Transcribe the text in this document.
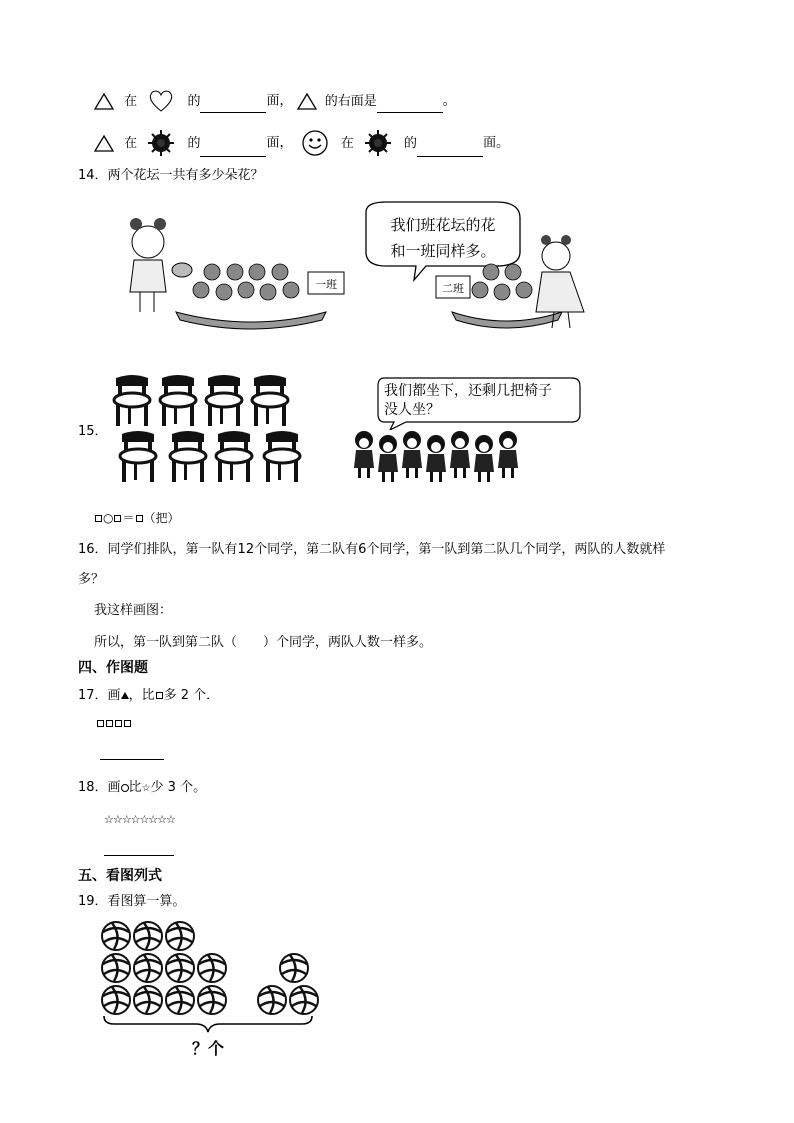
在	的	面， 的右面是	。
在	的	面，	在	的	面。
14．两个花坛一共有多少朵花？
一班
我们班花坛的花
和一班同样多。
二班
15．
我们都坐下，还剩几把椅子
没人坐？
○ ＝ （把）
16．同学们排队，第一队有12个同学，第二队有6个同学，第一队到第二队几个同学，两队的人数就样
多？
我这样画图：
所以，第一队到第二队（　　）个同学，两队人数一样多。
四、作图题
17．画 ，比 多 2 个．
18．画 比☆少 3 个。
☆☆☆☆☆☆☆☆
五、看图列式
19．看图算一算。
？个
